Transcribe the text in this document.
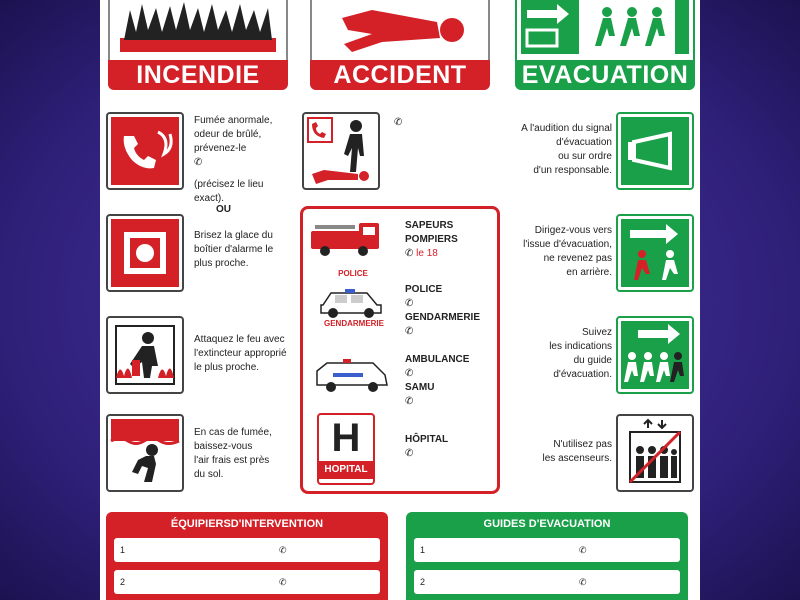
INCENDIE	ACCIDENT	EVACUATION
Fumée anormale,
odeur de brûlé,
prévenez-le
✆
(précisez le lieu exact).
OU
Brisez la glace du
boîtier d'alarme le
plus proche.
Attaquez le feu avec
l'extincteur approprié
le plus proche.
En cas de fumée,
baissez-vous
l'air frais est près
du sol.
✆
SAPEURS
POMPIERS
✆ le 18
POLICE
GENDARMERIE
POLICE
✆
GENDARMERIE
✆
AMBULANCE
✆
SAMU
✆
H
HOPITAL
HÔPITAL
✆
A l'audition du signal
d'évacuation
ou sur ordre
d'un responsable.
Dirigez-vous vers
l'issue d'évacuation,
ne revenez pas
en arrière.
Suivez
les indications
du guide
d'évacuation.
N'utilisez pas
les ascenseurs.
ÉQUIPIERSD'INTERVENTION
1	✆
2	✆
GUIDES D'EVACUATION
1	✆
2	✆
